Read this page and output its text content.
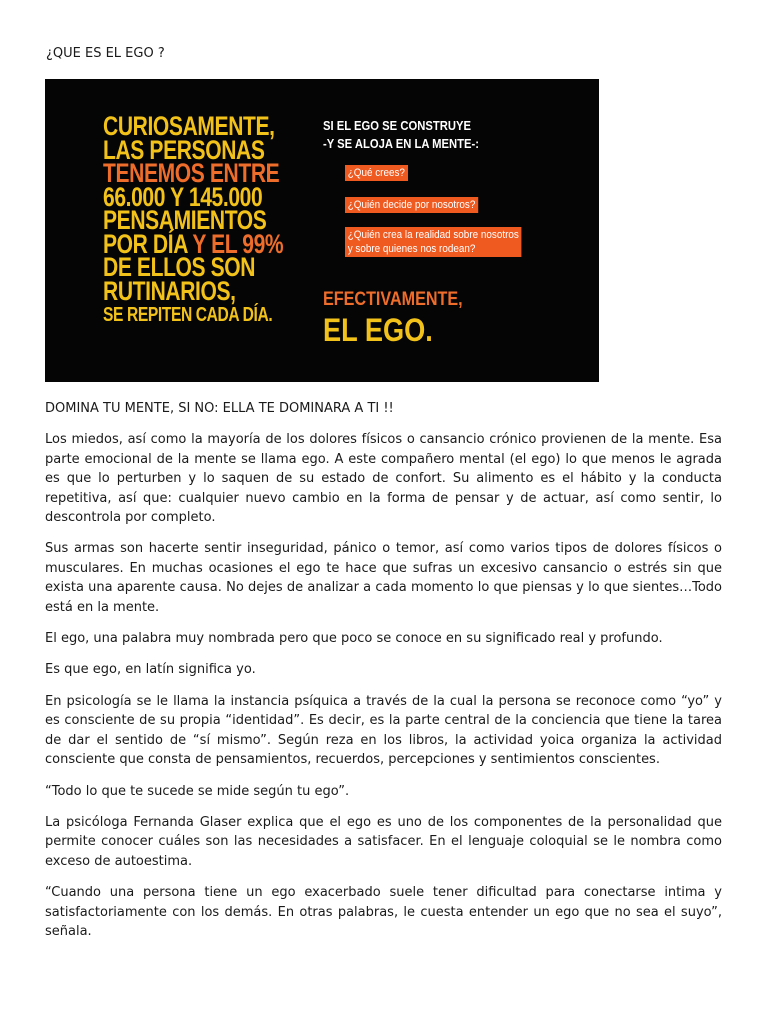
¿QUE ES EL EGO ?
CURIOSAMENTE,
LAS PERSONAS
TENEMOS ENTRE
66.000 Y 145.000
PENSAMIENTOS
POR DÍA Y EL 99%
DE ELLOS SON
RUTINARIOS,
SE REPITEN CADA DÍA.
SI EL EGO SE CONSTRUYE
-Y SE ALOJA EN LA MENTE-:
¿Qué crees?
¿Quién decide por nosotros?
¿Quién crea la realidad sobre nosotros
y sobre quienes nos rodean?
EFECTIVAMENTE,
EL EGO.

DOMINA TU MENTE, SI NO: ELLA TE DOMINARA A TI !!

Los miedos, así como la mayoría de los dolores físicos o cansancio crónico provienen de la mente. Esa parte emocional de la mente se llama ego. A este compañero mental (el ego) lo que menos le agrada es que lo perturben y lo saquen de su estado de confort. Su alimento es el hábito y la conducta repetitiva, así que: cualquier nuevo cambio en la forma de pensar y de actuar, así como sentir, lo descontrola por completo.

Sus armas son hacerte sentir inseguridad, pánico o temor, así como varios tipos de dolores físicos o musculares. En muchas ocasiones el ego te hace que sufras un excesivo cansancio o estrés sin que exista una aparente causa. No dejes de analizar a cada momento lo que piensas y lo que sientes…Todo está en la mente.

El ego, una palabra muy nombrada pero que poco se conoce en su significado real y profundo.

Es que ego, en latín significa yo.

En psicología se le llama la instancia psíquica a través de la cual la persona se reconoce como “yo” y es consciente de su propia “identidad”. Es decir, es la parte central de la conciencia que tiene la tarea de dar el sentido de “sí mismo”. Según reza en los libros, la actividad yoica organiza la actividad consciente que consta de pensamientos, recuerdos, percepciones y sentimientos conscientes.

“Todo lo que te sucede se mide según tu ego”.

La psicóloga Fernanda Glaser explica que el ego es uno de los componentes de la personalidad que permite conocer cuáles son las necesidades a satisfacer. En el lenguaje coloquial se le nombra como exceso de autoestima.

“Cuando una persona tiene un ego exacerbado suele tener dificultad para conectarse intima y satisfactoriamente con los demás. En otras palabras, le cuesta entender un ego que no sea el suyo”, señala.
